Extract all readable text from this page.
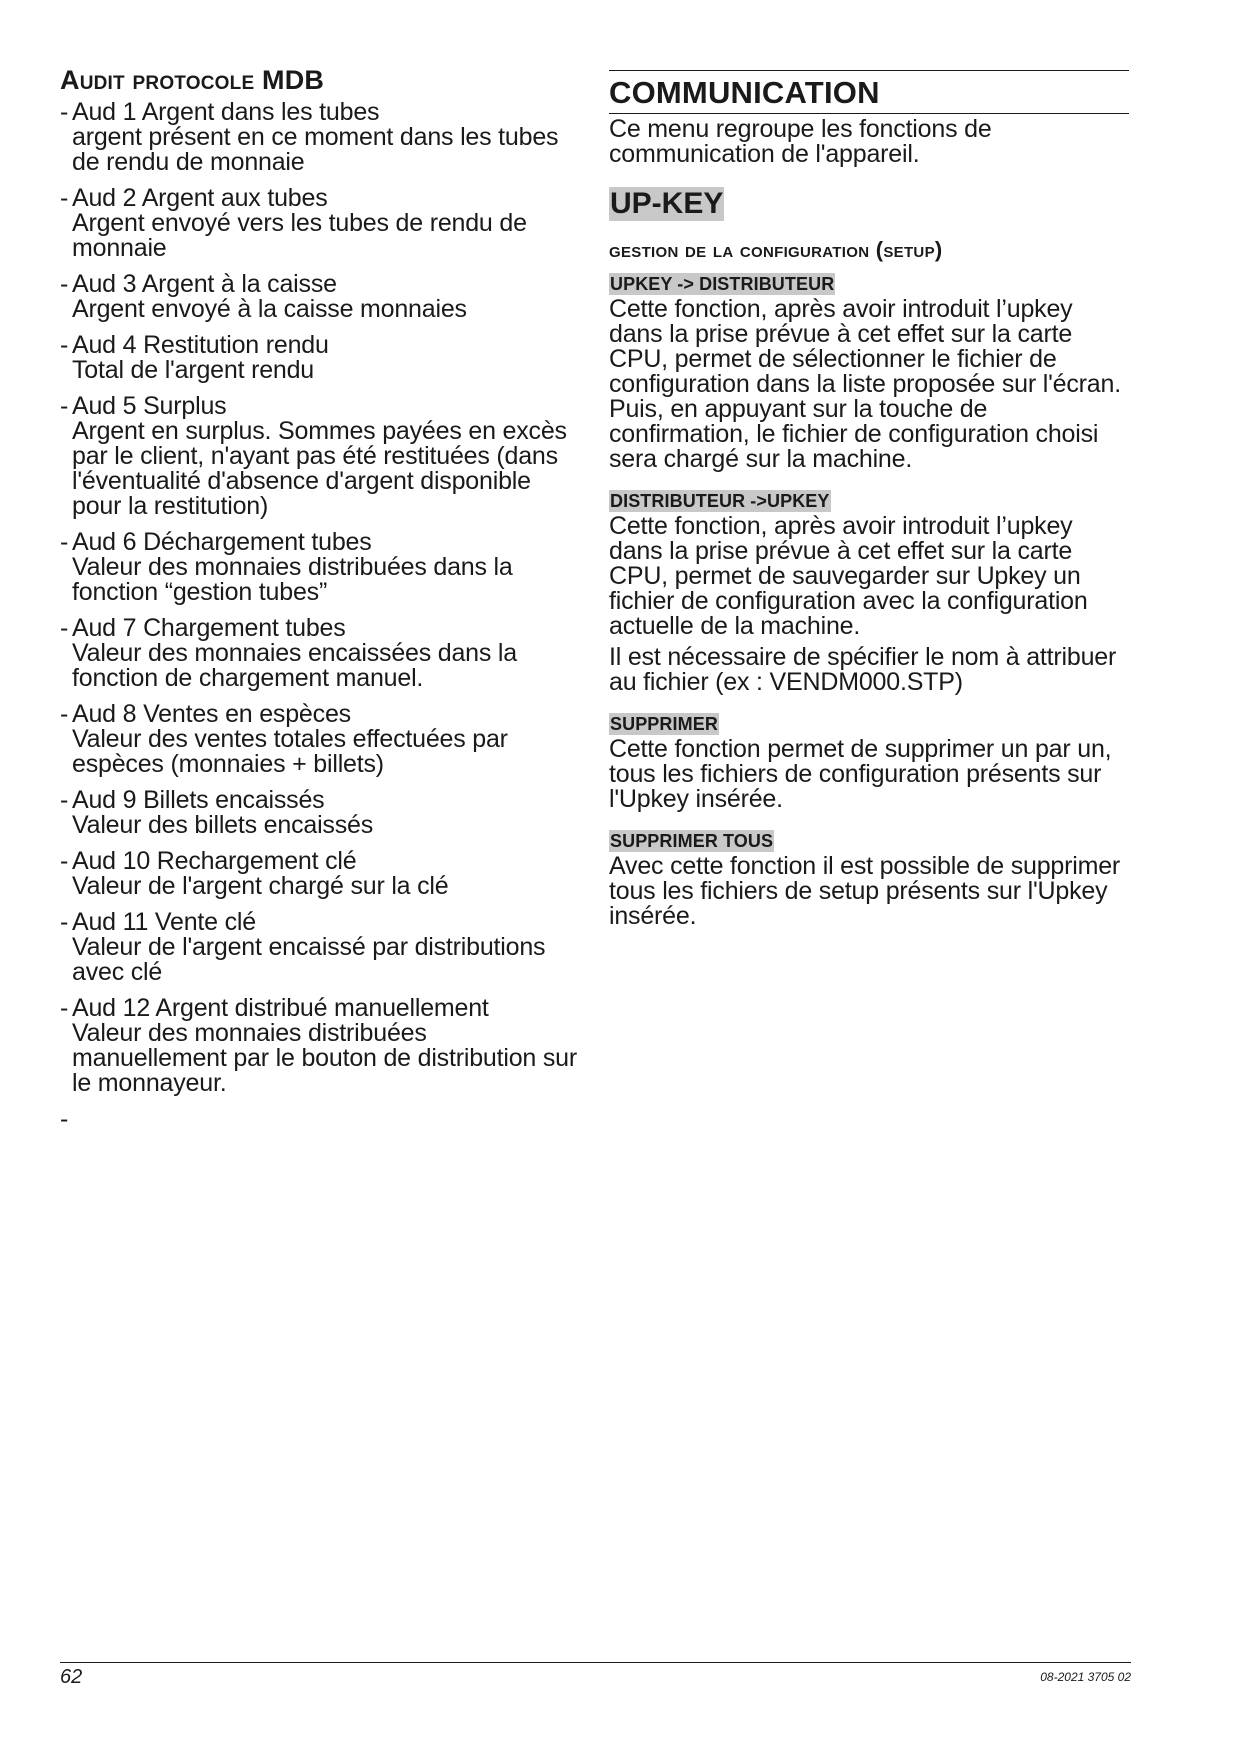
Audit protocole MDB
- Aud 1 Argent dans les tubes
argent présent en ce moment dans les tubes de rendu de monnaie
- Aud 2 Argent aux tubes
Argent envoyé vers les tubes de rendu de monnaie
- Aud 3 Argent à la caisse
Argent envoyé à la caisse monnaies
- Aud 4 Restitution rendu
Total de l'argent rendu
- Aud 5 Surplus
Argent en surplus. Sommes payées en excès par le client, n'ayant pas été restituées (dans l'éventualité d'absence d'argent disponible pour la restitution)
- Aud 6 Déchargement tubes
Valeur des monnaies distribuées dans la fonction “gestion tubes”
- Aud 7 Chargement tubes
Valeur des monnaies encaissées dans la fonction de chargement manuel.
- Aud 8 Ventes en espèces
Valeur des ventes totales effectuées par espèces (monnaies + billets)
- Aud 9 Billets encaissés
Valeur des billets encaissés
- Aud 10 Rechargement clé
Valeur de l'argent chargé sur la clé
- Aud 11 Vente clé
Valeur de l'argent encaissé par distributions avec clé
- Aud 12 Argent distribué manuellement
Valeur des monnaies distribuées manuellement par le bouton de distribution sur le monnayeur.
-
COMMUNICATION

Ce menu regroupe les fonctions de communication de l'appareil.

UP-KEY
gestion de la configuration (setup)
UPKEY -> DISTRIBUTEUR

Cette fonction, après avoir introduit l’upkey dans la prise prévue à cet effet sur la carte CPU, permet de sélectionner le fichier de configuration dans la liste proposée sur l'écran. Puis, en appuyant sur la touche de confirmation, le fichier de configuration choisi sera chargé sur la machine.

DISTRIBUTEUR ->UPKEY

Cette fonction, après avoir introduit l’upkey dans la prise prévue à cet effet sur la carte CPU, permet de sauvegarder sur Upkey un fichier de configuration avec la configuration actuelle de la machine.

Il est nécessaire de spécifier le nom à attribuer au fichier (ex : VENDM000.STP)

SUPPRIMER

Cette fonction permet de supprimer un par un, tous les fichiers de configuration présents sur l'Upkey insérée.

SUPPRIMER TOUS

Avec cette fonction il est possible de supprimer tous les fichiers de setup présents sur l'Upkey insérée.

62	08-2021 3705 02
